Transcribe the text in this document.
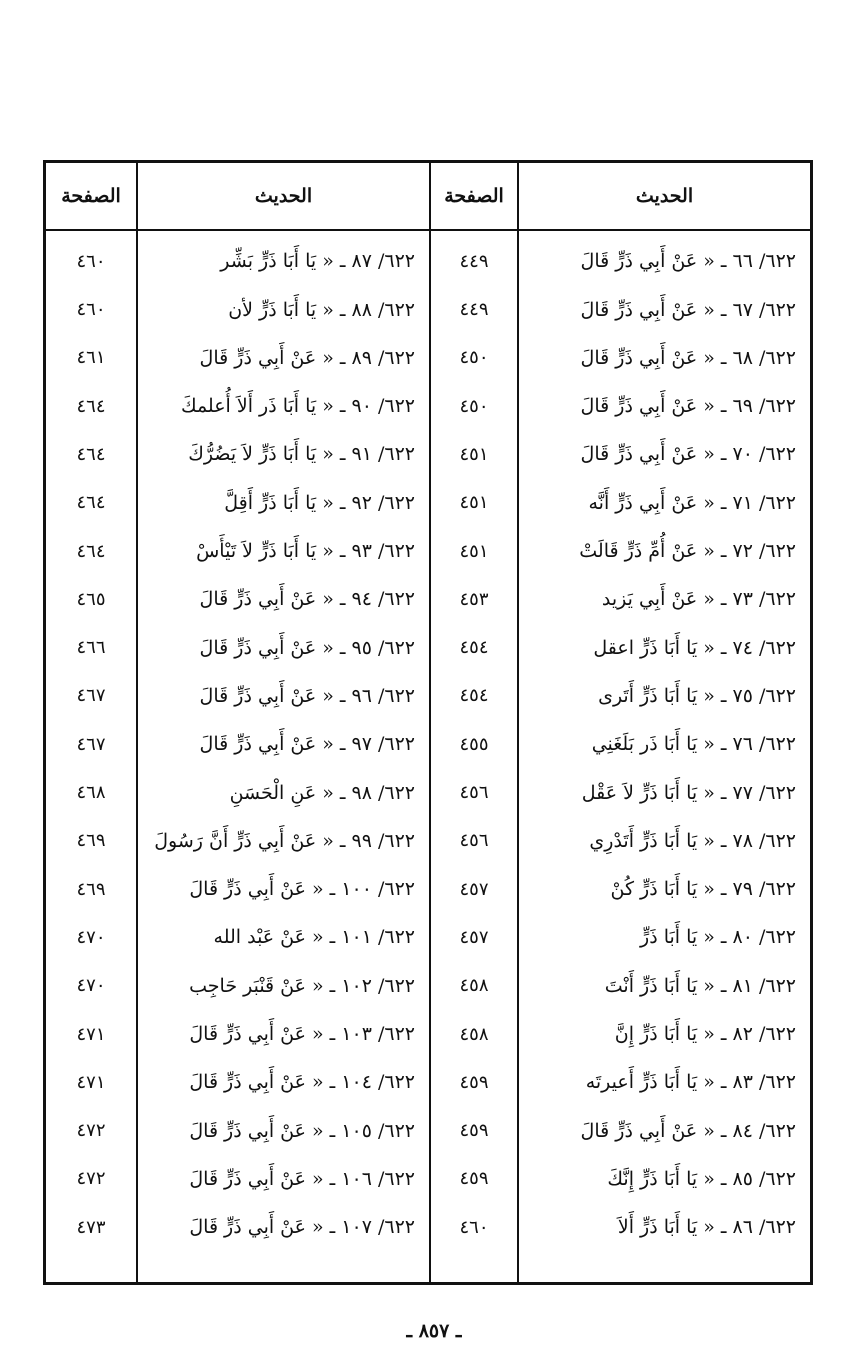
الحديث
الصفحة
الحديث
الصفحة
٦٢٢/ ٦٦ ـ « عَنْ أَبِي ذَرٍّ قَالَ
٤٤٩
٦٢٢/ ٨٧ ـ « يَا أَبَا ذَرٍّ بَشِّر
٤٦٠
٦٢٢/ ٦٧ ـ « عَنْ أَبِي ذَرٍّ قَالَ
٤٤٩
٦٢٢/ ٨٨ ـ « يَا أَبَا ذَرٍّ لأن
٤٦٠
٦٢٢/ ٦٨ ـ « عَنْ أَبِي ذَرٍّ قَالَ
٤٥٠
٦٢٢/ ٨٩ ـ « عَنْ أَبِي ذَرٍّ قَالَ
٤٦١
٦٢٢/ ٦٩ ـ « عَنْ أَبِي ذَرٍّ قَالَ
٤٥٠
٦٢٢/ ٩٠ ـ « يَا أَبَا ذَر أَلاَ أُعلمكَ
٤٦٤
٦٢٢/ ٧٠ ـ « عَنْ أَبِي ذَرٍّ قَالَ
٤٥١
٦٢٢/ ٩١ ـ « يَا أَبَا ذَرٍّ لاَ يَضُرُّكَ
٤٦٤
٦٢٢/ ٧١ ـ « عَنْ أَبِي ذَرٍّ أَنَّه
٤٥١
٦٢٢/ ٩٢ ـ « يَا أَبَا ذَرٍّ أَقِلَّ
٤٦٤
٦٢٢/ ٧٢ ـ « عَنْ أُمِّ ذَرٍّ قَالَتْ
٤٥١
٦٢٢/ ٩٣ ـ « يَا أَبَا ذَرٍّ لاَ تَيْأَسْ
٤٦٤
٦٢٢/ ٧٣ ـ « عَنْ أَبِي يَزيد
٤٥٣
٦٢٢/ ٩٤ ـ « عَنْ أَبِي ذَرٍّ قَالَ
٤٦٥
٦٢٢/ ٧٤ ـ « يَا أَبَا ذَرٍّ اعقل
٤٥٤
٦٢٢/ ٩٥ ـ « عَنْ أَبِي ذَرٍّ قَالَ
٤٦٦
٦٢٢/ ٧٥ ـ « يَا أَبَا ذَرٍّ أَتَرى
٤٥٤
٦٢٢/ ٩٦ ـ « عَنْ أَبِي ذَرٍّ قَالَ
٤٦٧
٦٢٢/ ٧٦ ـ « يَا أَبَا ذَر بَلَغَنِي
٤٥٥
٦٢٢/ ٩٧ ـ « عَنْ أَبِي ذَرٍّ قَالَ
٤٦٧
٦٢٢/ ٧٧ ـ « يَا أَبَا ذَرٍّ لاَ عَقْل
٤٥٦
٦٢٢/ ٩٨ ـ « عَنِ الْحَسَنِ
٤٦٨
٦٢٢/ ٧٨ ـ « يَا أَبَا ذَرٍّ أَتَدْرِي
٤٥٦
٦٢٢/ ٩٩ ـ « عَنْ أَبِي ذَرٍّ أَنَّ رَسُولَ
٤٦٩
٦٢٢/ ٧٩ ـ « يَا أَبَا ذَرٍّ كُنْ
٤٥٧
٦٢٢/ ١٠٠ ـ « عَنْ أَبِي ذَرٍّ قَالَ
٤٦٩
٦٢٢/ ٨٠ ـ « يَا أَبَا ذَرٍّ
٤٥٧
٦٢٢/ ١٠١ ـ « عَنْ عَبْد الله
٤٧٠
٦٢٢/ ٨١ ـ « يَا أَبَا ذَرٍّ أَنْتَ
٤٥٨
٦٢٢/ ١٠٢ ـ « عَنْ قَنْبَر حَاجِب
٤٧٠
٦٢٢/ ٨٢ ـ « يَا أَبَا ذَرٍّ إِنَّ
٤٥٨
٦٢٢/ ١٠٣ ـ « عَنْ أَبِي ذَرٍّ قَالَ
٤٧١
٦٢٢/ ٨٣ ـ « يَا أَبَا ذَرٍّ أَعيرتَه
٤٥٩
٦٢٢/ ١٠٤ ـ « عَنْ أَبِي ذَرٍّ قَالَ
٤٧١
٦٢٢/ ٨٤ ـ « عَنْ أَبِي ذَرٍّ قَالَ
٤٥٩
٦٢٢/ ١٠٥ ـ « عَنْ أَبِي ذَرٍّ قَالَ
٤٧٢
٦٢٢/ ٨٥ ـ « يَا أَبَا ذَرٍّ إِنَّكَ
٤٥٩
٦٢٢/ ١٠٦ ـ « عَنْ أَبِي ذَرٍّ قَالَ
٤٧٢
٦٢٢/ ٨٦ ـ « يَا أَبَا ذَرٍّ أَلاَ
٤٦٠
٦٢٢/ ١٠٧ ـ « عَنْ أَبِي ذَرٍّ قَالَ
٤٧٣
ـ ٨٥٧ ـ
